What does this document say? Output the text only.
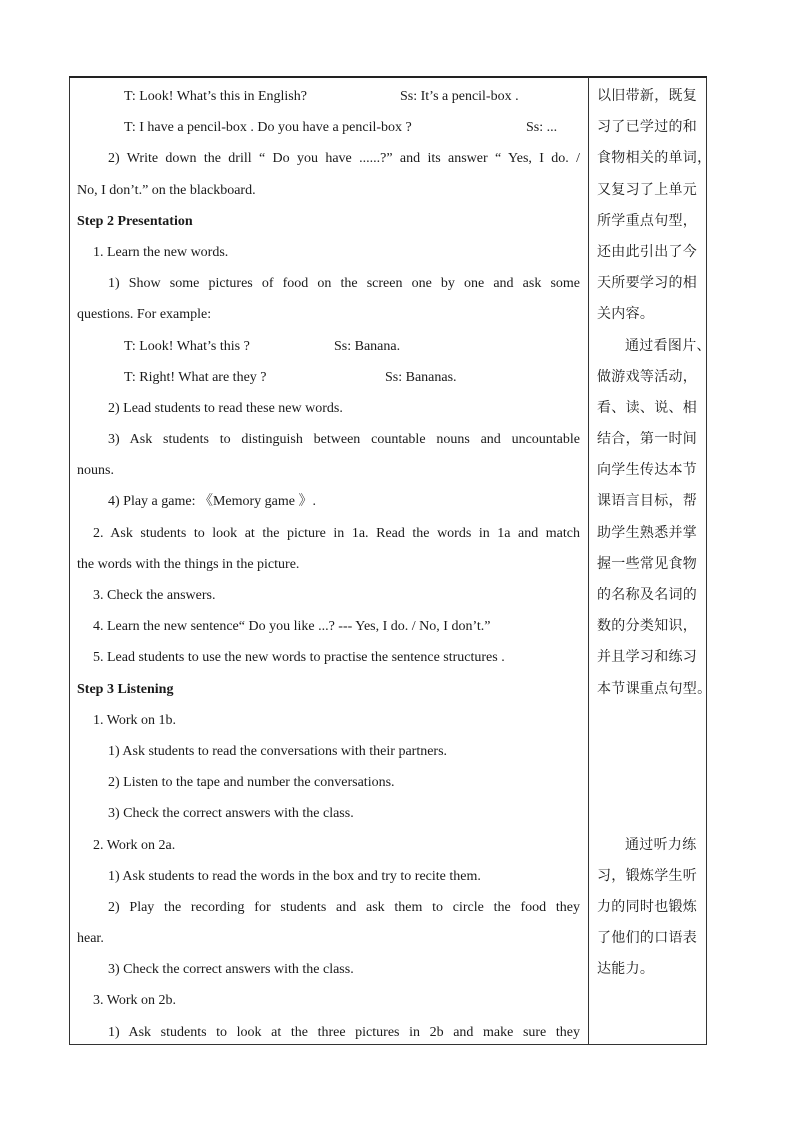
T: Look! What’s this in English?	Ss: It’s a pencil-box .
T: I have a pencil-box . Do you have a pencil-box ?	Ss: ...
2) Write down the drill “ Do you have ......?” and its answer “ Yes, I do. /
No, I don’t.” on the blackboard.
Step 2 Presentation
1. Learn the new words.
1) Show some pictures of food on the screen one by one and ask some
questions. For example:
T: Look! What’s this ?	Ss: Banana.
T: Right! What are they ?	Ss: Bananas.
2) Lead students to read these new words.
3) Ask students to distinguish between countable nouns and uncountable
nouns.
4) Play a game: 《Memory game 》.
2. Ask students to look at the picture in 1a. Read the words in 1a and match
the words with the things in the picture.
3. Check the answers.
4. Learn the new sentence“ Do you like ...? --- Yes, I do. / No, I don’t.”
5. Lead students to use the new words to practise the sentence structures .
Step 3 Listening
1. Work on 1b.
1) Ask students to read the conversations with their partners.
2) Listen to the tape and number the conversations.
3) Check the correct answers with the class.
2. Work on 2a.
1) Ask students to read the words in the box and try to recite them.
2) Play the recording for students and ask them to circle the food they
hear.
3) Check the correct answers with the class.
3. Work on 2b.
1) Ask students to look at the three pictures in 2b and make sure they
以旧带新，既复
习了已学过的和
食物相关的单词，
又复习了上单元
所学重点句型，
还由此引出了今
天所要学习的相
关内容。
通过看图片、
做游戏等活动，
看、读、说、相
结合，第一时间
向学生传达本节
课语言目标，帮
助学生熟悉并掌
握一些常见食物
的名称及名词的
数的分类知识，
并且学习和练习
本节课重点句型。
通过听力练
习，锻炼学生听
力的同时也锻炼
了他们的口语表
达能力。
